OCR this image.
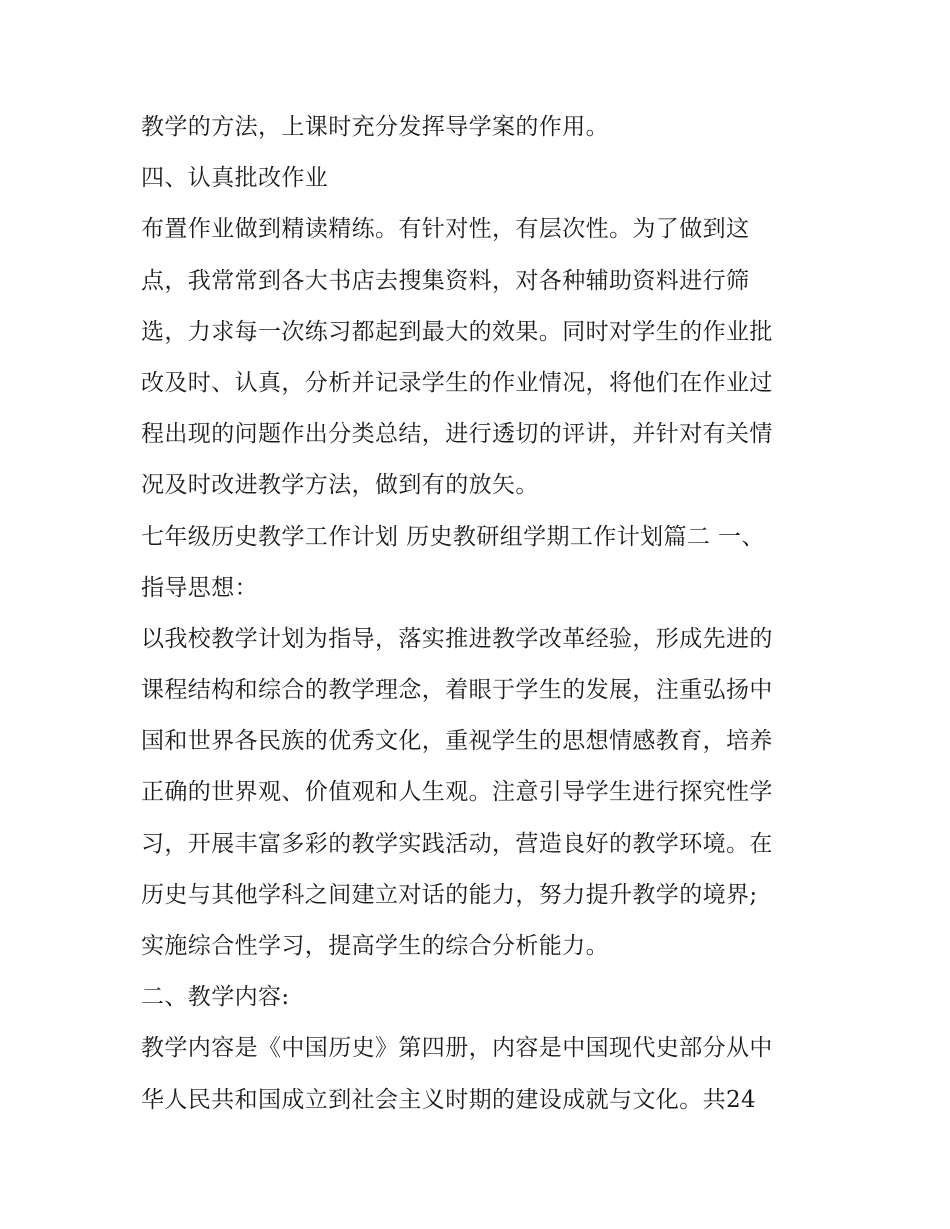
教学的方法，上课时充分发挥导学案的作用。
四、认真批改作业
布置作业做到精读精练。有针对性，有层次性。为了做到这
点，我常常到各大书店去搜集资料，对各种辅助资料进行筛
选，力求每一次练习都起到最大的效果。同时对学生的作业批
改及时、认真，分析并记录学生的作业情况，将他们在作业过
程出现的问题作出分类总结，进行透切的评讲，并针对有关情
况及时改进教学方法，做到有的放矢。
七年级历史教学工作计划 历史教研组学期工作计划篇二 一、
指导思想：
以我校教学计划为指导，落实推进教学改革经验，形成先进的
课程结构和综合的教学理念，着眼于学生的发展，注重弘扬中
国和世界各民族的优秀文化，重视学生的思想情感教育，培养
正确的世界观、价值观和人生观。注意引导学生进行探究性学
习，开展丰富多彩的教学实践活动，营造良好的教学环境。在
历史与其他学科之间建立对话的能力，努力提升教学的境界;
实施综合性学习，提高学生的综合分析能力。
二、教学内容:
教学内容是《中国历史》第四册，内容是中国现代史部分从中
华人民共和国成立到社会主义时期的建设成就与文化。共24
